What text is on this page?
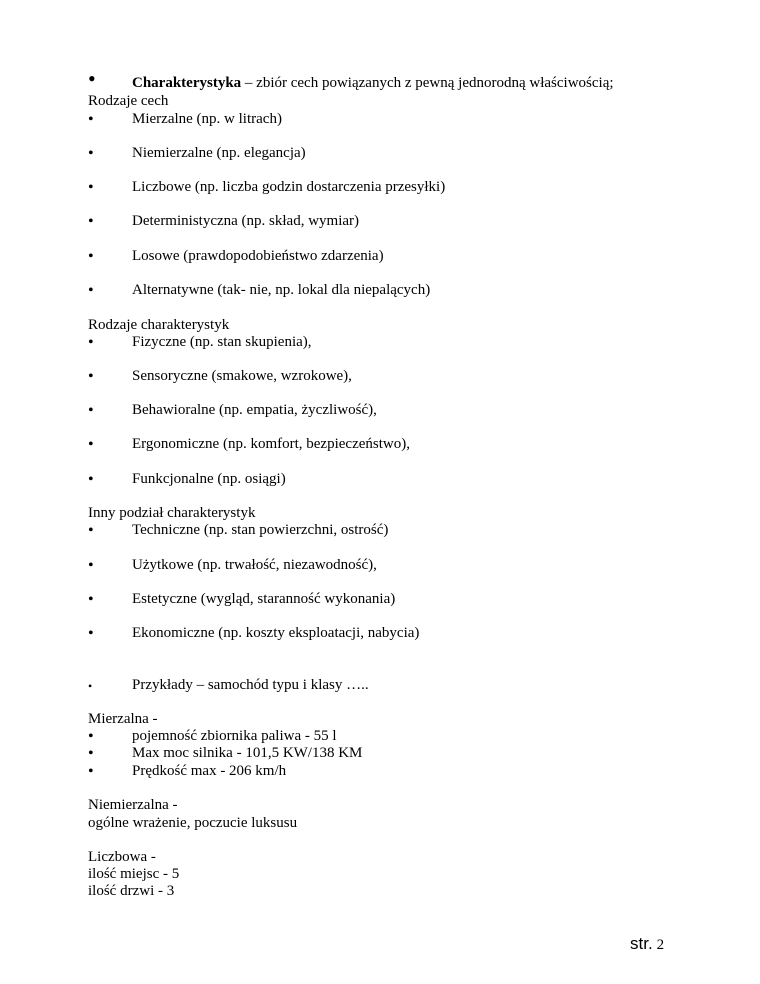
•	Charakterystyka – zbiór cech powiązanych z pewną jednorodną właściwością;
Rodzaje cech
•	Mierzalne (np. w litrach)
•	Niemierzalne (np. elegancja)
•	Liczbowe (np. liczba godzin dostarczenia przesyłki)
•	Deterministyczna (np. skład, wymiar)
•	Losowe (prawdopodobieństwo zdarzenia)
•	Alternatywne (tak- nie, np. lokal dla niepalących)
Rodzaje charakterystyk
•	Fizyczne (np. stan skupienia),
•	Sensoryczne (smakowe, wzrokowe),
•	Behawioralne (np. empatia, życzliwość),
•	Ergonomiczne (np. komfort, bezpieczeństwo),
•	Funkcjonalne (np. osiągi)
Inny podział charakterystyk
•	Techniczne (np. stan powierzchni, ostrość)
•	Użytkowe (np. trwałość, niezawodność),
•	Estetyczne (wygląd, staranność wykonania)
•	Ekonomiczne (np. koszty eksploatacji, nabycia)
•	Przykłady – samochód typu i klasy …..
Mierzalna -
•	pojemność zbiornika paliwa - 55 l
•	Max moc silnika - 101,5 KW/138 KM
•	Prędkość max - 206 km/h
Niemierzalna -
ogólne wrażenie, poczucie luksusu
Liczbowa -
ilość miejsc - 5
ilość drzwi - 3
str. 2
